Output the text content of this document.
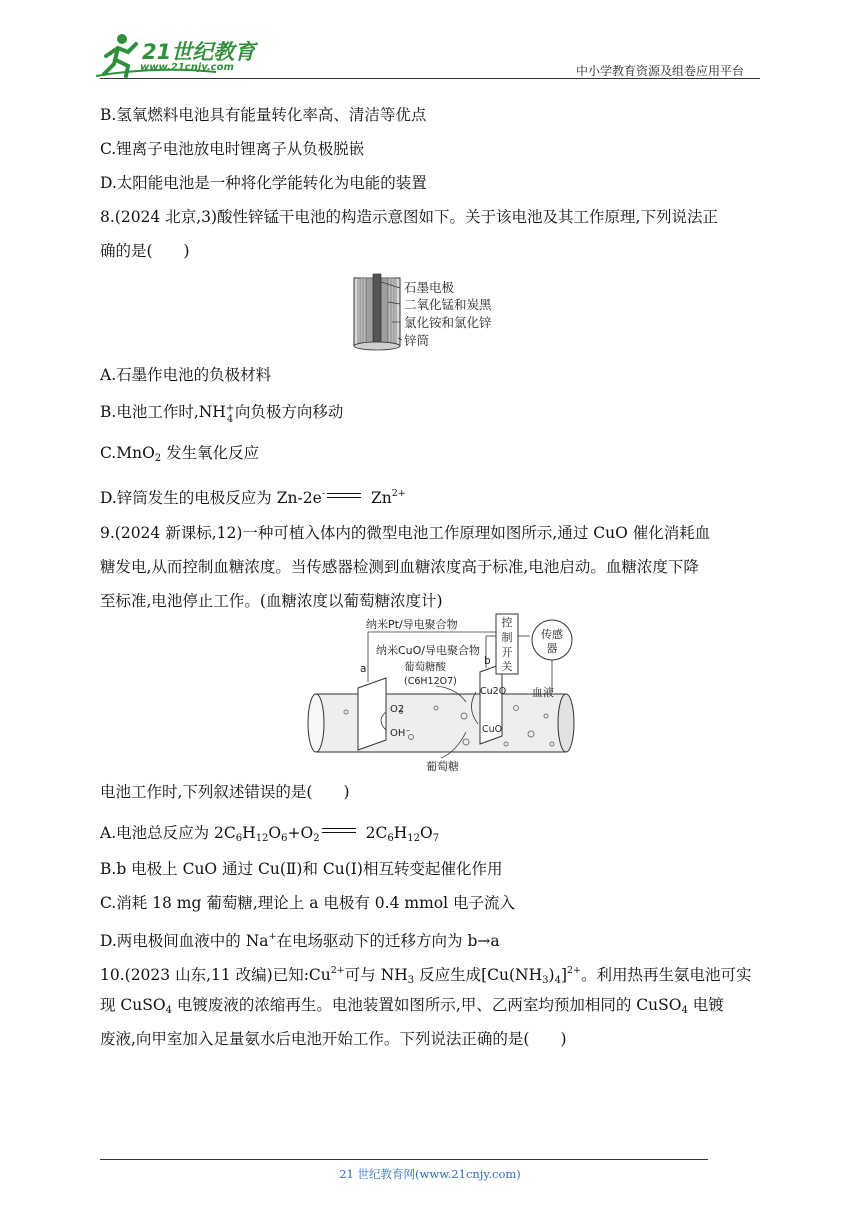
21世纪教育
www.21cnjy.com	中小学教育资源及组卷应用平台
B.氢氧燃料电池具有能量转化率高、清洁等优点
C.锂离子电池放电时锂离子从负极脱嵌
D.太阳能电池是一种将化学能转化为电能的装置
8.(2024 北京,3)酸性锌锰干电池的构造示意图如下。关于该电池及其工作原理,下列说法正
确的是(　　)
石墨电极
二氧化锰和炭黑
氯化铵和氯化锌
锌筒
A.石墨作电池的负极材料
B.电池工作时,NH +
4 向负极方向移动
C.MnO$_2$ 发生氧化反应
D.锌筒发生的电极反应为 Zn-2e-	$Zn^{2+}$
9.(2024 新课标,12)一种可植入体内的微型电池工作原理如图所示,通过 CuO 催化消耗血
糖发电,从而控制血糖浓度。当传感器检测到血糖浓度高于标准,电池启动。血糖浓度下降
至标准,电池停止工作。(血糖浓度以葡萄糖浓度计)
控
制
开
关
传感
器
纳米Pt/导电聚合物
纳米CuO/导电聚合物
葡萄糖酸
(C6H12O7)
a
b
血液
O2
OH⁻
Cu2O
CuO
葡萄糖
电池工作时,下列叙述错误的是(　　)
A.电池总反应为 $2C_6H_{12}O_6+O_2$	$2C_6H_{12}O_7$
B.b 电极上 CuO 通过 Cu(Ⅱ)和 Cu(Ⅰ)相互转变起催化作用
C.消耗 18 mg 葡萄糖,理论上 a 电极有 0.4 mmol 电子流入
D.两电极间血液中的 Na+在电场驱动下的迁移方向为 b→a
10.(2023 山东,11 改编)已知$:Cu^{2+}$可与 $NH_3$ 反应生成$[Cu(NH_3)_4]^{2+}$。利用热再生氨电池可实
现 CuSO$_4$ 电镀废液的浓缩再生。电池装置如图所示,甲、乙两室均预加相同的 CuSO$_4$ 电镀
废液,向甲室加入足量氨水后电池开始工作。下列说法正确的是(　　)
21 世纪教育网(www.21cnjy.com)
